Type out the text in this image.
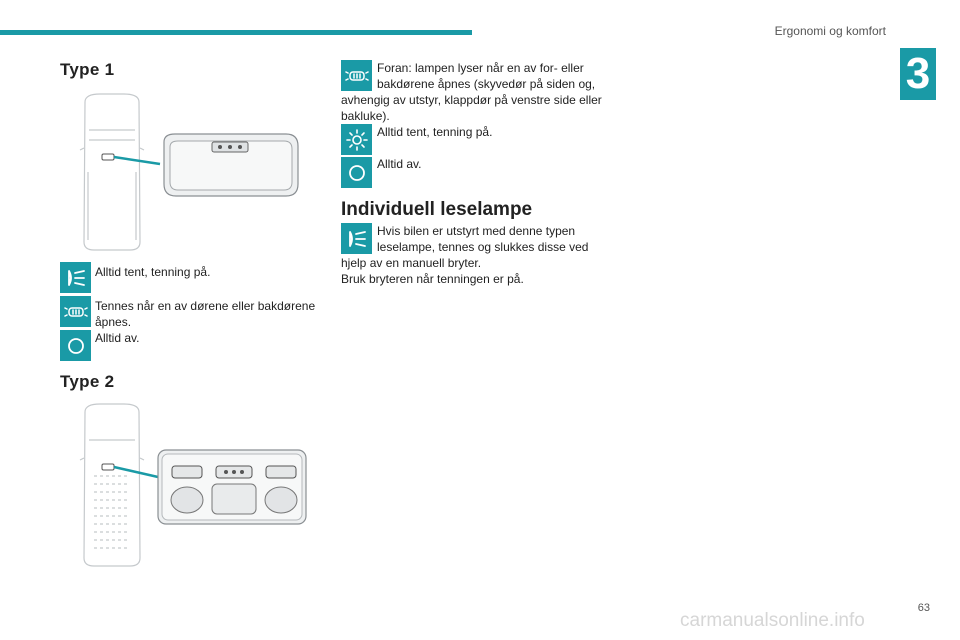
Ergonomi og komfort
3
Type 1
Alltid tent, tenning på.
Tennes når en av dørene eller bakdørene
åpnes.
Alltid av.
Type 2
Foran: lampen lyser når en av for- eller
bakdørene åpnes (skyvedør på siden og,
avhengig av utstyr, klappdør på venstre side eller
bakluke).
Alltid tent, tenning på.
Alltid av.
Individuell leselampe
Hvis bilen er utstyrt med denne typen
leselampe, tennes og slukkes disse ved
hjelp av en manuell bryter.
Bruk bryteren når tenningen er på.
63
carmanualsonline.info
